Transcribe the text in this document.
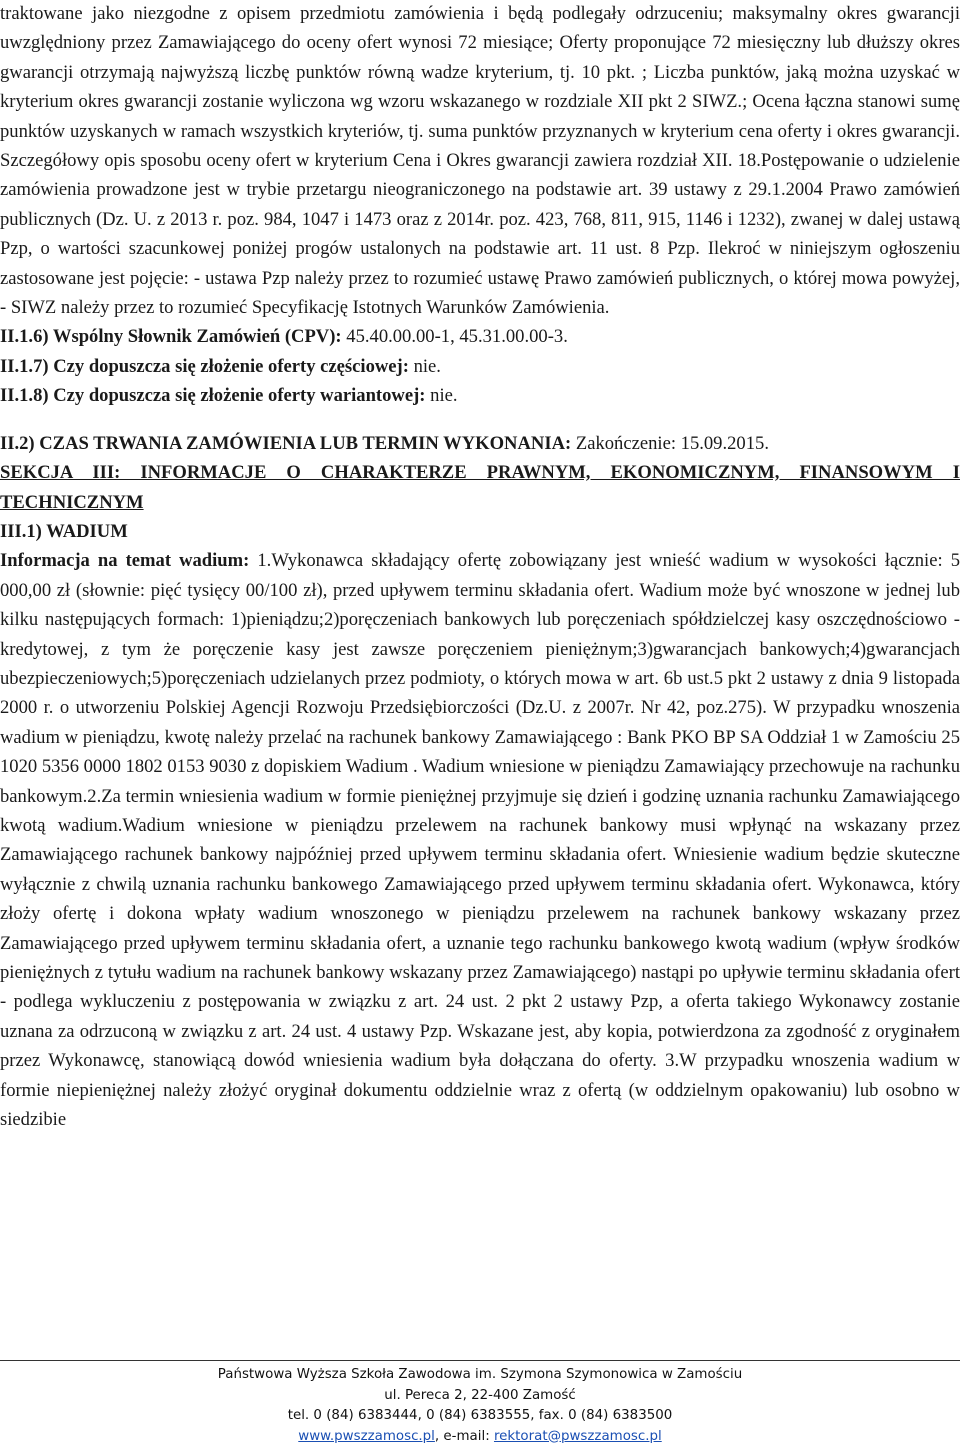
traktowane jako niezgodne z opisem przedmiotu zamówienia i będą podlegały odrzuceniu; maksymalny okres gwarancji uwzględniony przez Zamawiającego do oceny ofert wynosi 72 miesiące; Oferty proponujące 72 miesięczny lub dłuższy okres gwarancji otrzymają najwyższą liczbę punktów równą wadze kryterium, tj. 10 pkt. ; Liczba punktów, jaką można uzyskać w kryterium okres gwarancji zostanie wyliczona wg wzoru wskazanego w rozdziale XII pkt 2 SIWZ.; Ocena łączna stanowi sumę punktów uzyskanych w ramach wszystkich kryteriów, tj. suma punktów przyznanych w kryterium cena oferty i okres gwarancji. Szczegółowy opis sposobu oceny ofert w kryterium Cena i Okres gwarancji zawiera rozdział XII. 18.Postępowanie o udzielenie zamówienia prowadzone jest w trybie przetargu nieograniczonego na podstawie art. 39 ustawy z 29.1.2004 Prawo zamówień publicznych (Dz. U. z 2013 r. poz. 984, 1047 i 1473 oraz z 2014r. poz. 423, 768, 811, 915, 1146 i 1232), zwanej w dalej ustawą Pzp, o wartości szacunkowej poniżej progów ustalonych na podstawie art. 11 ust. 8 Pzp. Ilekroć w niniejszym ogłoszeniu zastosowane jest pojęcie: - ustawa Pzp należy przez to rozumieć ustawę Prawo zamówień publicznych, o której mowa powyżej, - SIWZ należy przez to rozumieć Specyfikację Istotnych Warunków Zamówienia.

II.1.6) Wspólny Słownik Zamówień (CPV): 45.40.00.00-1, 45.31.00.00-3.
II.1.7) Czy dopuszcza się złożenie oferty częściowej: nie.
II.1.8) Czy dopuszcza się złożenie oferty wariantowej: nie.
II.2) CZAS TRWANIA ZAMÓWIENIA LUB TERMIN WYKONANIA: Zakończenie: 15.09.2015.

SEKCJA III: INFORMACJE O CHARAKTERZE PRAWNYM, EKONOMICZNYM, FINANSOWYM I TECHNICZNYM

III.1) WADIUM

Informacja na temat wadium: 1.Wykonawca składający ofertę zobowiązany jest wnieść wadium w wysokości łącznie: 5 000,00 zł (słownie: pięć tysięcy 00/100 zł), przed upływem terminu składania ofert. Wadium może być wnoszone w jednej lub kilku następujących formach: 1)pieniądzu;2)poręczeniach bankowych lub poręczeniach spółdzielczej kasy oszczędnościowo - kredytowej, z tym że poręczenie kasy jest zawsze poręczeniem pieniężnym;3)gwarancjach bankowych;4)gwarancjach ubezpieczeniowych;5)poręczeniach udzielanych przez podmioty, o których mowa w art. 6b ust.5 pkt 2 ustawy z dnia 9 listopada 2000 r. o utworzeniu Polskiej Agencji Rozwoju Przedsiębiorczości (Dz.U. z 2007r. Nr 42, poz.275). W przypadku wnoszenia wadium w pieniądzu, kwotę należy przelać na rachunek bankowy Zamawiającego : Bank PKO BP SA Oddział 1 w Zamościu 25 1020 5356 0000 1802 0153 9030 z dopiskiem Wadium . Wadium wniesione w pieniądzu Zamawiający przechowuje na rachunku bankowym.2.Za termin wniesienia wadium w formie pieniężnej przyjmuje się dzień i godzinę uznania rachunku Zamawiającego kwotą wadium.Wadium wniesione w pieniądzu przelewem na rachunek bankowy musi wpłynąć na wskazany przez Zamawiającego rachunek bankowy najpóźniej przed upływem terminu składania ofert. Wniesienie wadium będzie skuteczne wyłącznie z chwilą uznania rachunku bankowego Zamawiającego przed upływem terminu składania ofert. Wykonawca, który złoży ofertę i dokona wpłaty wadium wnoszonego w pieniądzu przelewem na rachunek bankowy wskazany przez Zamawiającego przed upływem terminu składania ofert, a uznanie tego rachunku bankowego kwotą wadium (wpływ środków pieniężnych z tytułu wadium na rachunek bankowy wskazany przez Zamawiającego) nastąpi po upływie terminu składania ofert - podlega wykluczeniu z postępowania w związku z art. 24 ust. 2 pkt 2 ustawy Pzp, a oferta takiego Wykonawcy zostanie uznana za odrzuconą w związku z art. 24 ust. 4 ustawy Pzp. Wskazane jest, aby kopia, potwierdzona za zgodność z oryginałem przez Wykonawcę, stanowiącą dowód wniesienia wadium była dołączana do oferty. 3.W przypadku wnoszenia wadium w formie niepieniężnej należy złożyć oryginał dokumentu oddzielnie wraz z ofertą (w oddzielnym opakowaniu) lub osobno w siedzibie

Państwowa Wyższa Szkoła Zawodowa im. Szymona Szymonowica w Zamościu
ul. Pereca 2, 22-400 Zamość
tel. 0 (84) 6383444, 0 (84) 6383555, fax. 0 (84) 6383500
www.pwszzamosc.pl, e-mail: rektorat@pwszzamosc.pl
